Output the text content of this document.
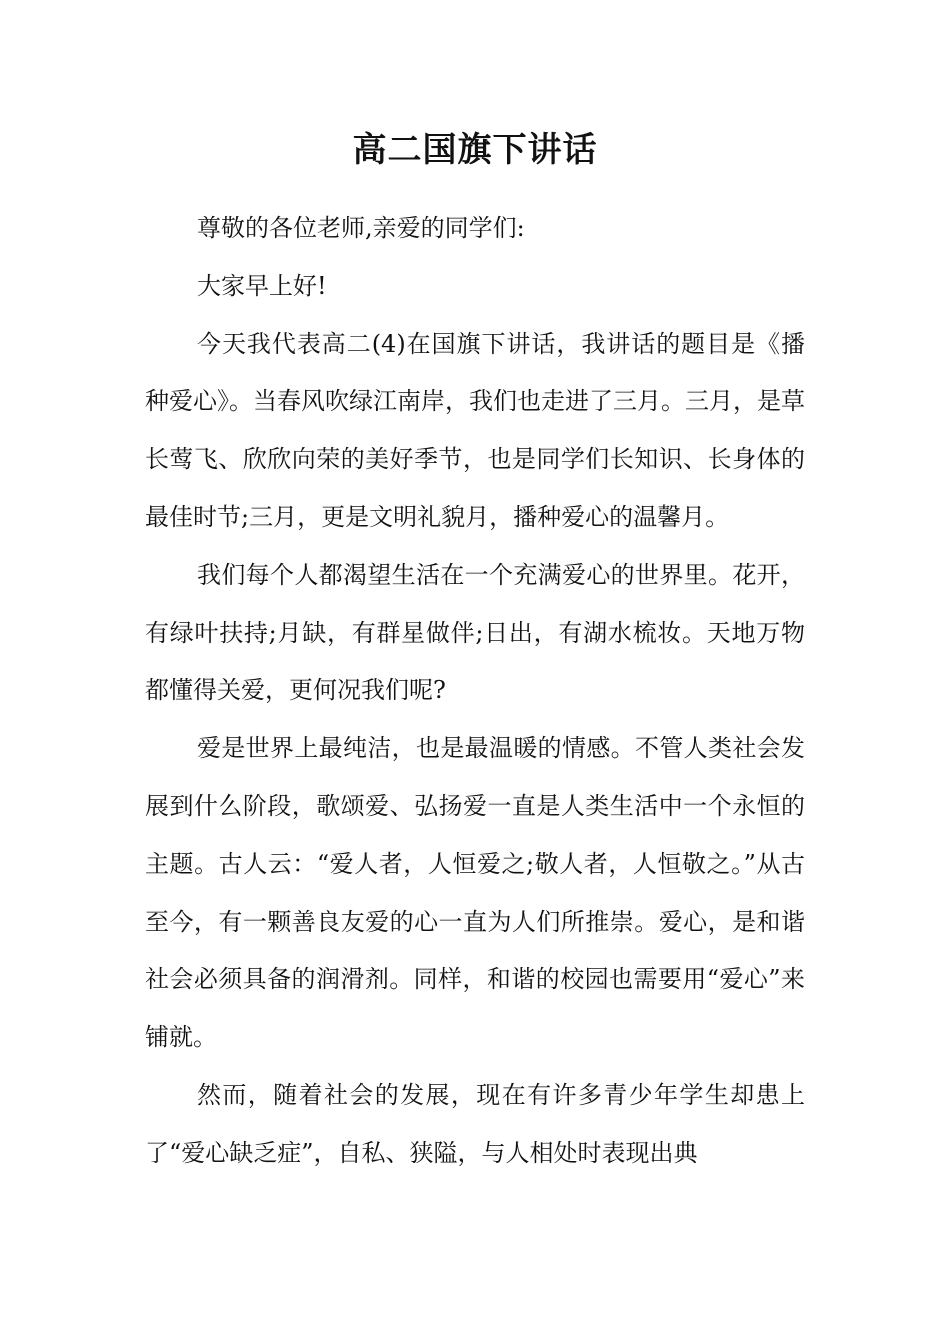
高二国旗下讲话

尊敬的各位老师,亲爱的同学们:

大家早上好!

今天我代表高二(4)在国旗下讲话，我讲话的题目是《播种爱心》。当春风吹绿江南岸，我们也走进了三月。三月，是草长莺飞、欣欣向荣的美好季节，也是同学们长知识、长身体的最佳时节;三月，更是文明礼貌月，播种爱心的温馨月。

我们每个人都渴望生活在一个充满爱心的世界里。花开，有绿叶扶持;月缺，有群星做伴;日出，有湖水梳妆。天地万物都懂得关爱，更何况我们呢?

爱是世界上最纯洁，也是最温暖的情感。不管人类社会发展到什么阶段，歌颂爱、弘扬爱一直是人类生活中一个永恒的主题。古人云：“爱人者，人恒爱之;敬人者，人恒敬之。”从古至今，有一颗善良友爱的心一直为人们所推崇。爱心，是和谐社会必须具备的润滑剂。同样，和谐的校园也需要用“爱心”来铺就。

然而，随着社会的发展，现在有许多青少年学生却患上了“爱心缺乏症”，自私、狭隘，与人相处时表现出典
